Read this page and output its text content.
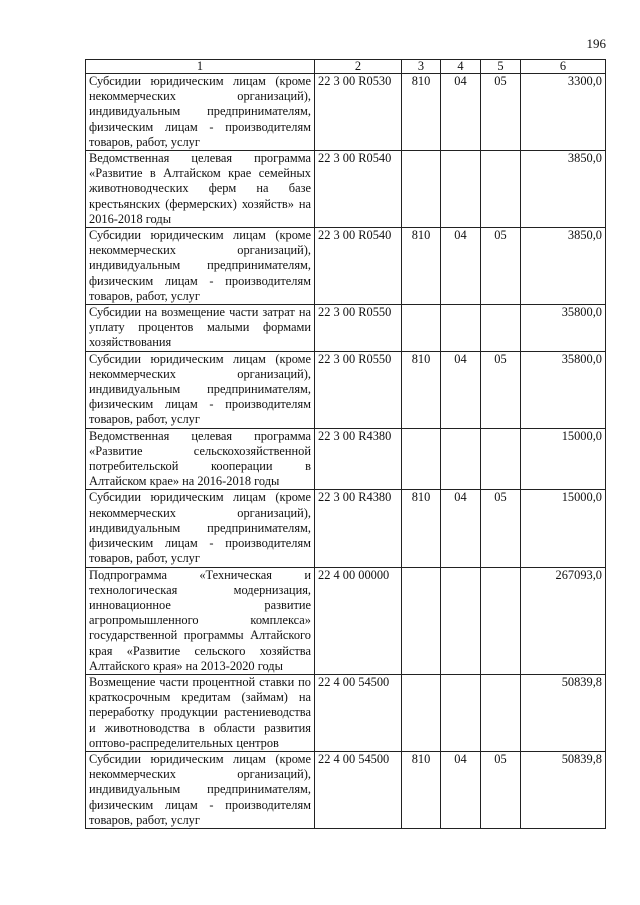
196
1	2	3	4	5	6
Субсидии юридическим лицам (кроме некоммерческих организаций), индивидуальным предпринимателям, физическим лицам - производителям товаров, работ, услуг	22 3 00 R0530	810	04	05	3300,0
Ведомственная целевая программа «Развитие в Алтайском крае семейных животноводческих ферм на базе крестьянских (фермерских) хозяйств» на 2016-2018 годы	22 3 00 R0540				3850,0
Субсидии юридическим лицам (кроме некоммерческих организаций), индивидуальным предпринимателям, физическим лицам - производителям товаров, работ, услуг	22 3 00 R0540	810	04	05	3850,0
Субсидии на возмещение части затрат на уплату процентов малыми формами хозяйствования	22 3 00 R0550				35800,0
Субсидии юридическим лицам (кроме некоммерческих организаций), индивидуальным предпринимателям, физическим лицам - производителям товаров, работ, услуг	22 3 00 R0550	810	04	05	35800,0
Ведомственная целевая программа «Развитие сельскохозяйственной потребительской кооперации в Алтайском крае» на 2016-2018 годы	22 3 00 R4380				15000,0
Субсидии юридическим лицам (кроме некоммерческих организаций), индивидуальным предпринимателям, физическим лицам - производителям товаров, работ, услуг	22 3 00 R4380	810	04	05	15000,0
Подпрограмма «Техническая и технологическая модернизация, инновационное развитие агропромышленного комплекса» государственной программы Алтайского края «Развитие сельского хозяйства Алтайского края» на 2013-2020 годы	22 4 00 00000				267093,0
Возмещение части процентной ставки по краткосрочным кредитам (займам) на переработку продукции растениеводства и животноводства в области развития оптово-распределительных центров	22 4 00 54500				50839,8
Субсидии юридическим лицам (кроме некоммерческих организаций), индивидуальным предпринимателям, физическим лицам - производителям товаров, работ, услуг	22 4 00 54500	810	04	05	50839,8
